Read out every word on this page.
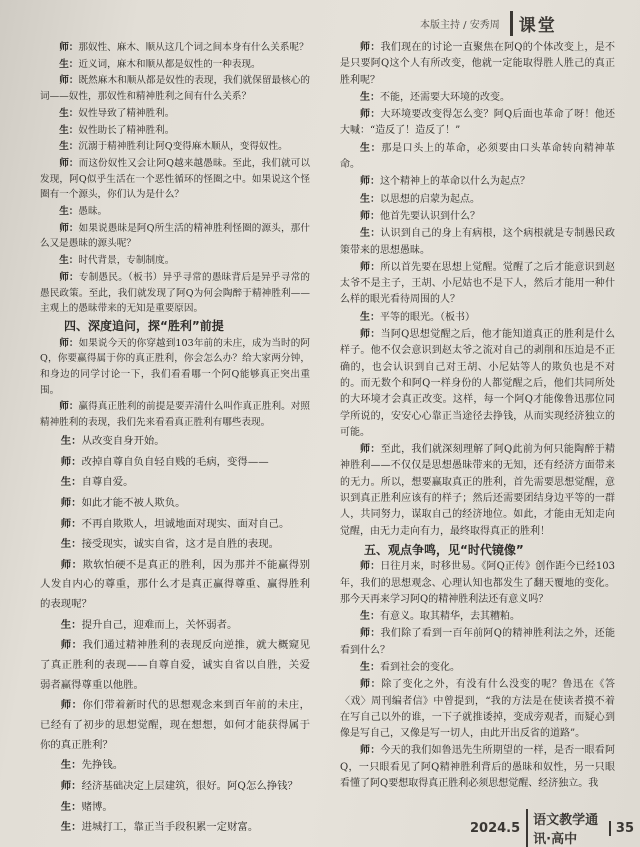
本版主持 / 安秀周	课堂

师：那奴性、麻木、顺从这几个词之间本身有什么关系呢？

生：近义词，麻木和顺从都是奴性的一种表现。

师：既然麻木和顺从都是奴性的表现，我们就保留最核心的词——奴性，那奴性和精神胜利之间有什么关系？

生：奴性导致了精神胜利。

生：奴性助长了精神胜利。

生：沉溺于精神胜利让阿Q变得麻木顺从，变得奴性。

师：而这份奴性又会让阿Q越来越愚昧。至此，我们就可以发现，阿Q似乎生活在一个恶性循环的怪圈之中。如果说这个怪圈有一个源头，你们认为是什么？

生：愚昧。

师：如果说愚昧是阿Q所生活的精神胜利怪圈的源头，那什么又是愚昧的源头呢？

生：时代背景，专制制度。

师：专制愚民。（板书）异乎寻常的愚昧背后是异乎寻常的愚民政策。至此，我们就发现了阿Q为何会陶醉于精神胜利——主观上的愚昧带来的无知是重要原因。

四、深度追问，探“胜利”前提

师：如果说今天的你穿越到103年前的未庄，成为当时的阿Q，你要赢得属于你的真正胜利，你会怎么办？给大家两分钟，和身边的同学讨论一下，我们看看哪一个阿Q能够真正突出重围。

师：赢得真正胜利的前提是要弄清什么叫作真正胜利。对照精神胜利的表现，我们先来看看真正胜利有哪些表现。

生：从改变自身开始。

师：改掉自尊自负自轻自贱的毛病，变得——

生：自尊自爱。

师：如此才能不被人欺负。

师：不再自欺欺人，坦诚地面对现实、面对自己。

生：接受现实，诚实自省，这才是自胜的表现。

师：欺软怕硬不是真正的胜利，因为那并不能赢得别人发自内心的尊重，那什么才是真正赢得尊重、赢得胜利的表现呢？

生：提升自己，迎难而上，关怀弱者。

师：我们通过精神胜利的表现反向逆推，就大概窥见了真正胜利的表现——自尊自爱，诚实自省以自胜，关爱弱者赢得尊重以他胜。

师：你们带着新时代的思想观念来到百年前的未庄，已经有了初步的思想觉醒，现在想想，如何才能获得属于你的真正胜利？

生：先挣钱。

师：经济基础决定上层建筑，很好。阿Q怎么挣钱？

生：赌博。

生：进城打工，靠正当手段积累一定财富。

师：我们现在的讨论一直聚焦在阿Q的个体改变上，是不是只要阿Q这个人有所改变，他就一定能取得胜人胜己的真正胜利呢？

生：不能，还需要大环境的改变。

师：大环境要改变得怎么变？阿Q后面也革命了呀！他还大喊：“造反了！造反了！”

生：那是口头上的革命，必须要由口头革命转向精神革命。

师：这个精神上的革命以什么为起点？

生：以思想的启蒙为起点。

师：他首先要认识到什么？

生：认识到自己的身上有病根，这个病根就是专制愚民政策带来的思想愚昧。

师：所以首先要在思想上觉醒。觉醒了之后才能意识到赵太爷不是主子，王胡、小尼姑也不是下人，然后才能用一种什么样的眼光看待周围的人？

生：平等的眼光。（板书）

师：当阿Q思想觉醒之后，他才能知道真正的胜利是什么样子。他不仅会意识到赵太爷之流对自己的剥削和压迫是不正确的，也会认识到自己对王胡、小尼姑等人的欺负也是不对的。而无数个和阿Q一样身份的人都觉醒之后，他们共同所处的大环境才会真正改变。这样，每一个阿Q才能像鲁迅那位同学所说的，安安心心靠正当途径去挣钱，从而实现经济独立的可能。

师：至此，我们就深刻理解了阿Q此前为何只能陶醉于精神胜利——不仅仅是思想愚昧带来的无知，还有经济方面带来的无力。所以，想要赢取真正的胜利，首先需要思想觉醒，意识到真正胜利应该有的样子；然后还需要团结身边平等的一群人，共同努力，谋取自己的经济地位。如此，才能由无知走向觉醒，由无力走向有力，最终取得真正的胜利！

五、观点争鸣，见“时代镜像”

师：日往月来，时移世易。《阿Q正传》创作距今已经103年，我们的思想观念、心理认知也都发生了翻天覆地的变化。那今天再来学习阿Q的精神胜利法还有意义吗？

生：有意义。取其精华，去其糟粕。

师：我们除了看到一百年前阿Q的精神胜利法之外，还能看到什么？

生：看到社会的变化。

师：除了变化之外，有没有什么没变的呢？鲁迅在《答〈戏〉周刊编者信》中曾提到，“我的方法是在使读者摸不着在写自己以外的谁，一下子就推诿掉，变成旁观者，而疑心到像是写自己，又像是写一切人，由此开出反省的道路”。

师：今天的我们如鲁迅先生所期望的一样，是否一眼看阿Q，一只眼看见了阿Q精神胜利背后的愚昧和奴性，另一只眼看懂了阿Q要想取得真正胜利必须思想觉醒、经济独立。我

2024.5	语文教学通讯·高中
35
